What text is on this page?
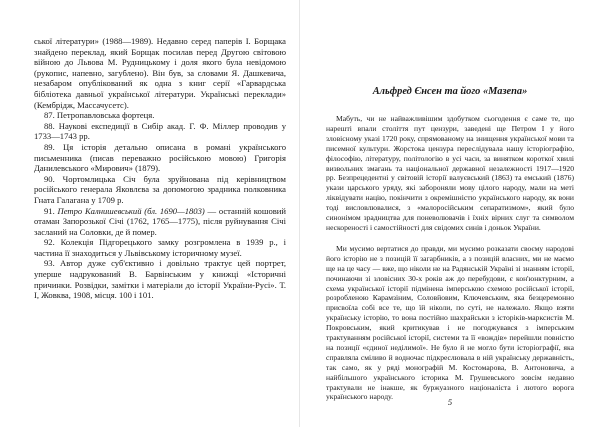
ської літератури» (1988—1989). Недавно серед паперів І. Борщака знайдено переклад, який Борщак посилав перед Другою світовою війною до Львова М. Рудницькому і доля якого була невідомою (рукопис, напевно, загублено). Він був, за словами Я. Дашкевича, незабаром опублікований як одна з книг серії «Гарвардська бібліотека давньої української літератури. Українські переклади» (Кембрідж, Массачусетс).

87. Петропавловська фортеця.

88. Наукові експедиції в Сибір акад. Г. Ф. Міллер проводив у 1733—1743 рр.

89. Ця історія детально описана в романі українського письменника (писав переважно російською мовою) Григорія Данилевського «Мирович» (1879).

90. Чортомлицька Січ була зруйнована під керівництвом російського генерала Яковлєва за допомогою зрадника полковника Гната Галагана у 1709 р.

91. Петро Калнишевський (бл. 1690—1803) — останній кошовий отаман Запорозької Січі (1762, 1765—1775), після руйнування Січі засланий на Соловки, де й помер.

92. Колекція Підгорецького замку розгромлена в 1939 р., і частина її знаходиться у Львівському історичному музеї.

93. Автор дуже суб'єктивно і довільно трактує цей портрет, уперше надрукований В. Барвінським у книжці «Історичні причинки. Розвідки, замітки і матеріали до історії України-Русі». Т. І, Жовква, 1908, місця. 100 і 101.

Альфред Єнсен та його «Мазепа»

Мабуть, чи не найважливішим здобутком сьогодення є саме те, що нарешті впали століття пут цензури, заведені ще Петром І у його зловісному указі 1720 року, спрямованому на знищення української мови та писемної культури. Жорстока цензура переслідувала нашу історіографію, філософію, літературу, політологію в усі часи, за винятком короткої хвилі визвольних змагань та національної державної незалежності 1917—1920 рр. Безпрецедентні у світовій історії валуєвський (1863) та емський (1876) укази царського уряду, які забороняли мову цілого народу, мали на меті ліквідувати націю, покінчити з окремішністю українського народу, як вони тоді висловлювалися, з «малоросійським сепаратизмом», який було синонімом зрадництва для поневолювачів і їхніх вірних слуг та символом нескореності і самостійності для свідомих синів і доньок України.

Ми мусимо вертатися до правди, ми мусимо розказати своєму народові його історію не з позицій її загарбників, а з позицій власних, ми не маємо ще на це часу — вже, що ніколи не на Радянській Україні зі знанням історії, починаючи зі зловісних 30-х років аж до перебудови, є кон'юнктурним, а схема української історії підмінена імперською схемою російської історії, розробленою Карамзіним, Соловйовим, Ключевським, яка безцеремонно присвоїла собі все те, що їй ніколи, по суті, не належало. Якщо взяти українську історію, то вона постійно шахрайськи з історіків-марксистів М. Покровським, який критикував і не погоджувався з імперським трактуванням російської історії, системи та її «вождів» перейшли повністю на позиції «єдиної неділимої». Не було й не могло бути історіографії, яка справляла сміливо й водночас підкреслювала в ній українську державність, так само, як у ряді монографій М. Костомарова, В. Антоновича, а найбільшого українського історика М. Грушевського зовсім недавно трактували не інакше, як буржуазного націоналіста і лютого ворога українського народу.

5
